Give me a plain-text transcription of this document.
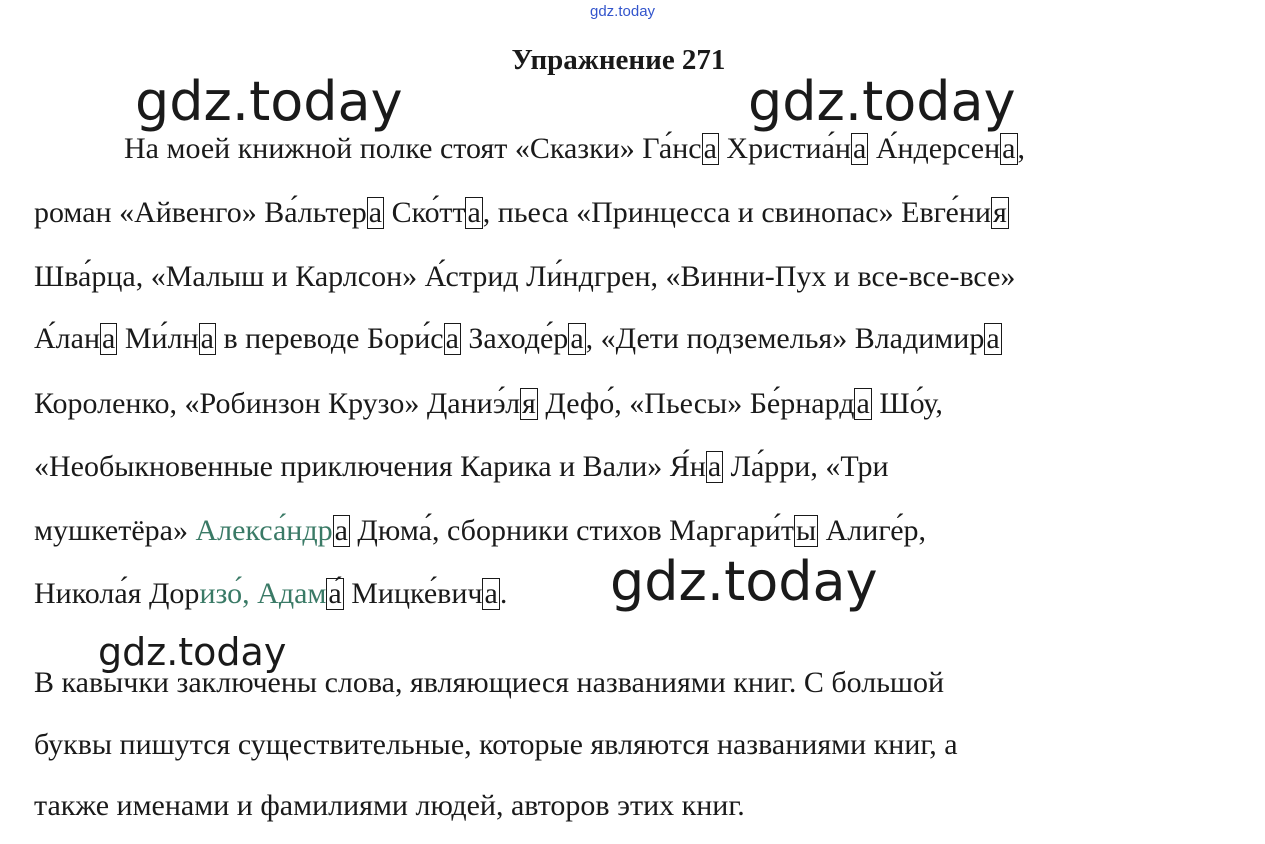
gdz.today
Упражнение 271
gdz.today	gdz.today
На моей книжной полке стоят «Сказки» Га́нса Христиа́на А́ндерсена,
роман «Айвенго» Ва́льтера Ско́тта, пьеса «Принцесса и свинопас» Евге́ния
Шва́рца, «Малыш и Карлсон» А́стрид Ли́ндгрен, «Винни-Пух и все-все-все»
А́лана Ми́лна в переводе Бори́са Заходе́ра, «Дети подземелья» Владимира
Короленко, «Робинзон Крузо» Даниэ́ля Дефо́, «Пьесы» Бе́рнарда Шо́у,
«Необыкновенные приключения Карика и Вали» Я́на Ла́рри, «Три
мушкетёра» Алекса́ндра Дюма́, сборники стихов Маргари́ты Алиге́р,
Никола́я Доризо́, Адама́ Мицке́вича. gdz.today
gdz.today
В кавычки заключены слова, являющиеся названиями книг. С большой
буквы пишутся существительные, которые являются названиями книг, а
также именами и фамилиями людей, авторов этих книг.
